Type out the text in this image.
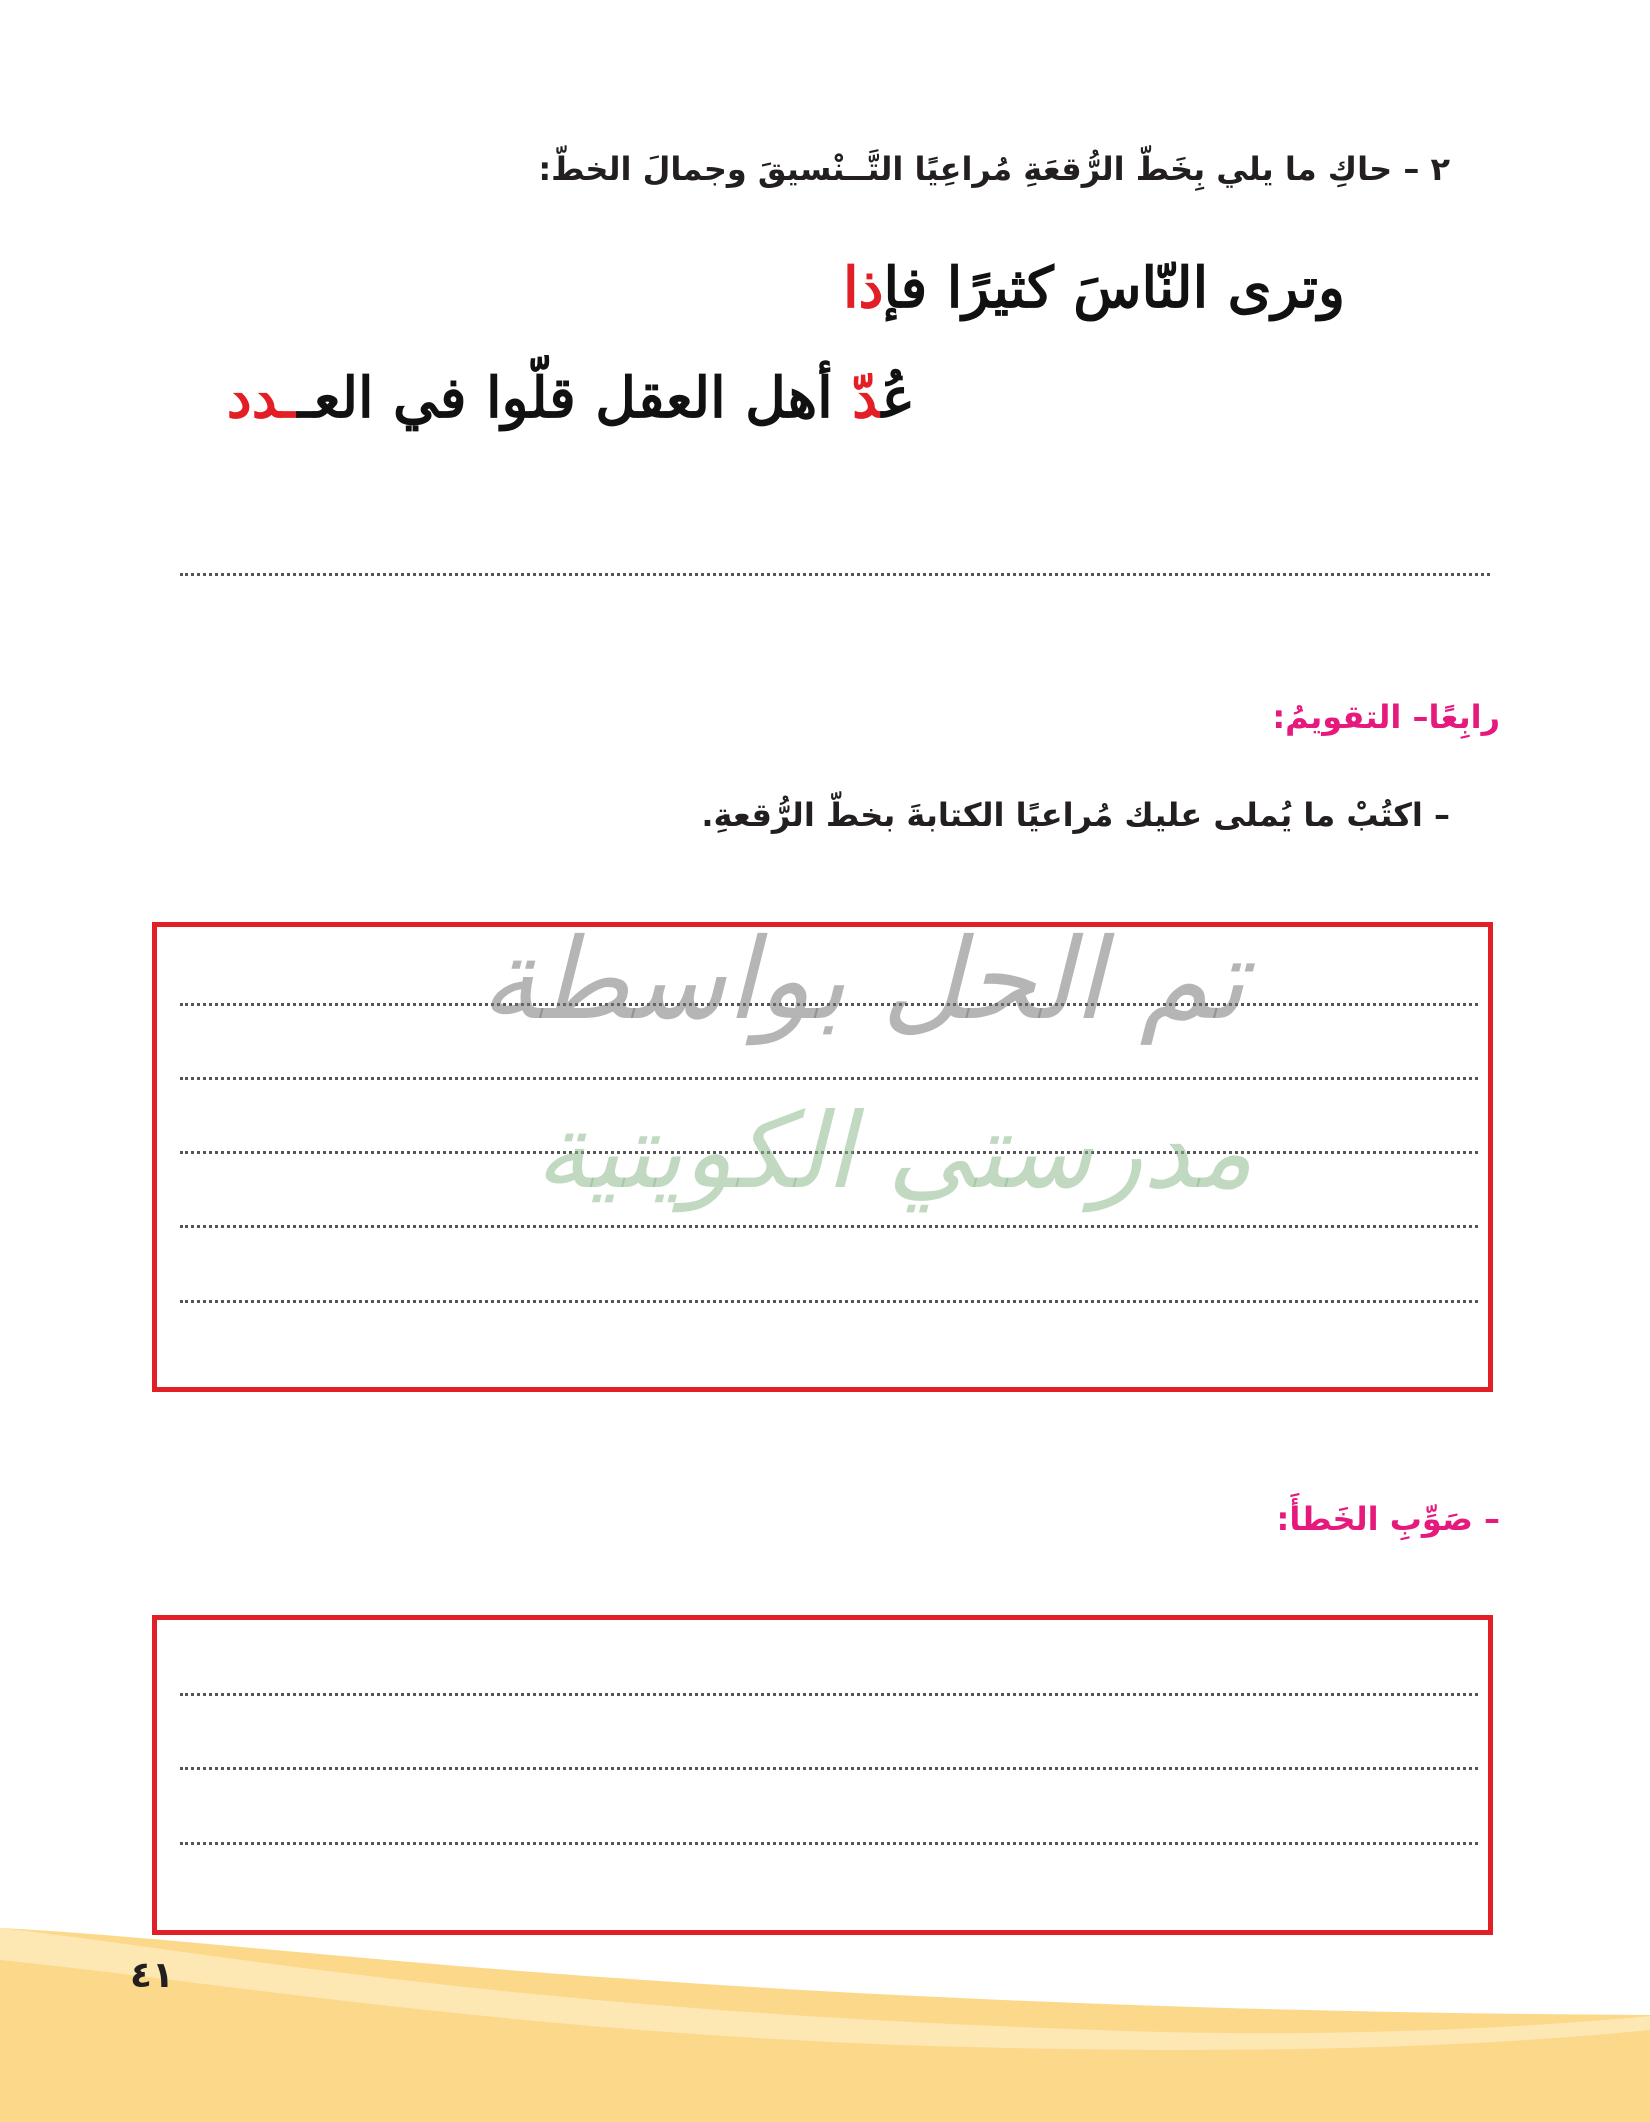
٢ – حاكِ ما يلي بِخَطّ الرُّقعَةِ مُراعِيًا التَّــنْسيقَ وجمالَ الخطّ:
وترى النّاسَ كثيرًا فإذا
عُدّ أهل العقل قلّوا في العــدد
رابِعًا– التقويمُ:
– اكتُبْ ما يُملى عليك مُراعيًا الكتابةَ بخطّ الرُّقعةِ.
تم الحل بواسطة
مدرستي الكويتية
– صَوِّبِ الخَطأَ:
٤١
